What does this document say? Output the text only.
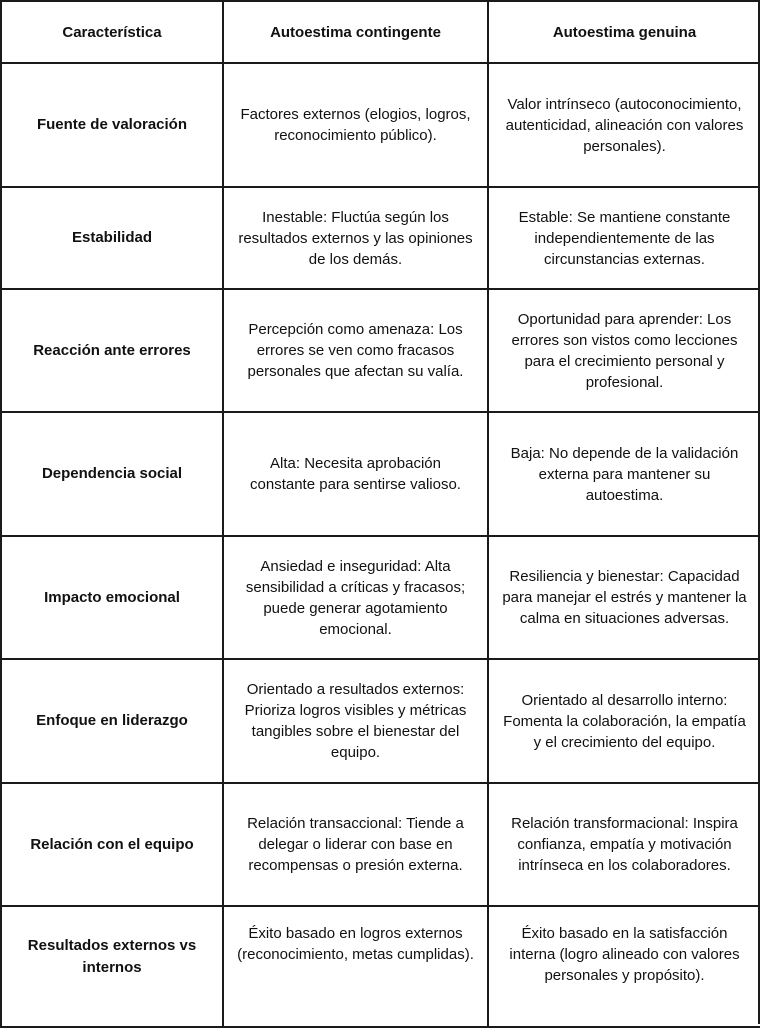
Característica	Autoestima contingente	Autoestima genuina
Fuente de valoración	Factores externos (elogios, logros, reconocimiento público).	Valor intrínseco (autoconocimiento, autenticidad, alineación con valores personales).
Estabilidad	Inestable: Fluctúa según los resultados externos y las opiniones de los demás.	Estable: Se mantiene constante independientemente de las circunstancias externas.
Reacción ante errores	Percepción como amenaza: Los errores se ven como fracasos personales que afectan su valía.	Oportunidad para aprender: Los errores son vistos como lecciones para el crecimiento personal y profesional.
Dependencia social	Alta: Necesita aprobación constante para sentirse valioso.	Baja: No depende de la validación externa para mantener su autoestima.
Impacto emocional	Ansiedad e inseguridad: Alta sensibilidad a críticas y fracasos; puede generar agotamiento emocional.	Resiliencia y bienestar: Capacidad para manejar el estrés y mantener la calma en situaciones adversas.
Enfoque en liderazgo	Orientado a resultados externos: Prioriza logros visibles y métricas tangibles sobre el bienestar del equipo.	Orientado al desarrollo interno: Fomenta la colaboración, la empatía y el crecimiento del equipo.
Relación con el equipo	Relación transaccional: Tiende a delegar o liderar con base en recompensas o presión externa.	Relación transformacional: Inspira confianza, empatía y motivación intrínseca en los colaboradores.
Resultados externos vs internos	Éxito basado en logros externos (reconocimiento, metas cumplidas).	Éxito basado en la satisfacción interna (logro alineado con valores personales y propósito).
